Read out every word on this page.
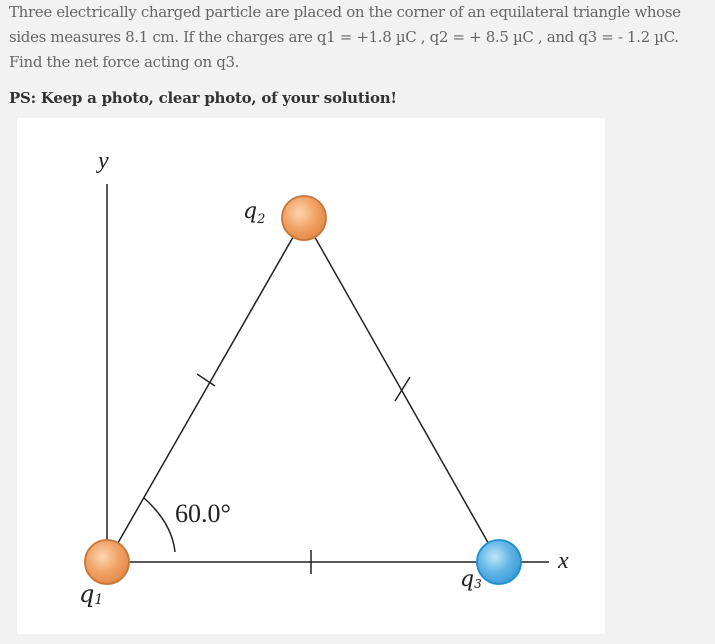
Three electrically charged particle are placed on the corner of an equilateral triangle whose sides measures 8.1 cm. If the charges are q1 = +1.8 µC , q2 = + 8.5 µC , and q3 = - 1.2 µC. Find the net force acting on q3.

PS: Keep a photo, clear photo, of your solution!

y
x
60.0°
$q_2$
q1
q3
